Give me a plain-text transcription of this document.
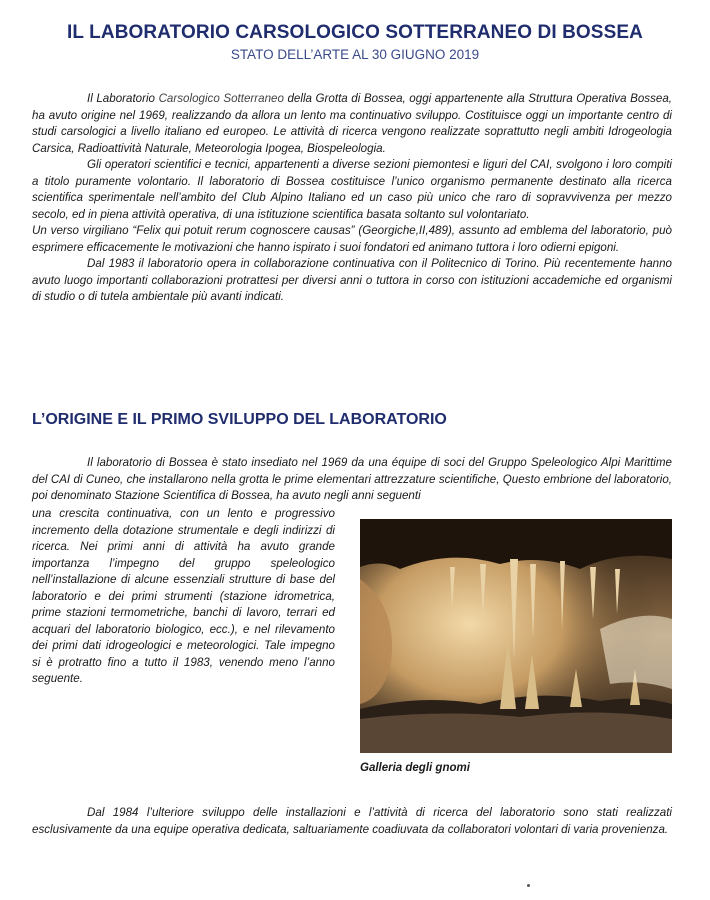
IL LABORATORIO CARSOLOGICO SOTTERRANEO DI BOSSEA
STATO DELL’ARTE AL 30 GIUGNO 2019

Il Laboratorio Carsologico Sotterraneo della Grotta di Bossea, oggi appartenente alla Struttura Operativa Bossea, ha avuto origine nel 1969, realizzando da allora un lento ma continuativo sviluppo. Costituisce oggi un importante centro di studi carsologici a livello italiano ed europeo. Le attività di ricerca vengono realizzate soprattutto negli ambiti Idrogeologia Carsica, Radioattività Naturale, Meteorologia Ipogea, Biospeleologia.

Gli operatori scientifici e tecnici, appartenenti a diverse sezioni piemontesi e liguri del CAI, svolgono i loro compiti a titolo puramente volontario. Il laboratorio di Bossea costituisce l’unico organismo permanente destinato alla ricerca scientifica sperimentale nell’ambito del Club Alpino Italiano ed un caso più unico che raro di sopravvivenza per mezzo secolo, ed in piena attività operativa, di una istituzione scientifica basata soltanto sul volontariato.

Un verso virgiliano “Felix qui potuit rerum cognoscere causas” (Georgiche,II,489), assunto ad emblema del laboratorio, può esprimere efficacemente le motivazioni che hanno ispirato i suoi fondatori ed animano tuttora i loro odierni epigoni.

Dal 1983 il laboratorio opera in collaborazione continuativa con il Politecnico di Torino. Più recentemente hanno avuto luogo importanti collaborazioni protrattesi per diversi anni o tuttora in corso con istituzioni accademiche ed organismi di studio o di tutela ambientale più avanti indicati.

L’ORIGINE E IL PRIMO SVILUPPO DEL LABORATORIO

Il laboratorio di Bossea è stato insediato nel 1969 da una équipe di soci del Gruppo Speleologico Alpi Marittime del CAI di Cuneo, che installarono nella grotta le prime elementari attrezzature scientifiche, Questo embrione del laboratorio, poi denominato Stazione Scientifica di Bossea, ha avuto negli anni seguenti

una crescita continuativa, con un lento e progressivo incremento della dotazione strumentale e degli indirizzi di ricerca. Nei primi anni di attività ha avuto grande importanza l’impegno del gruppo speleologico nell’installazione di alcune essenziali strutture di base del laboratorio e dei primi strumenti (stazione idrometrica, prime stazioni termometriche, banchi di lavoro, terrari ed acquari del laboratorio biologico, ecc.), e nel rilevamento dei primi dati idrogeologici e meteorologici. Tale impegno si è protratto fino a tutto il 1983, venendo meno l’anno seguente.

Galleria degli gnomi

Dal 1984 l’ulteriore sviluppo delle installazioni e l’attività di ricerca del laboratorio sono stati realizzati esclusivamente da una equipe operativa dedicata, saltuariamente coadiuvata da collaboratori volontari di varia provenienza.
